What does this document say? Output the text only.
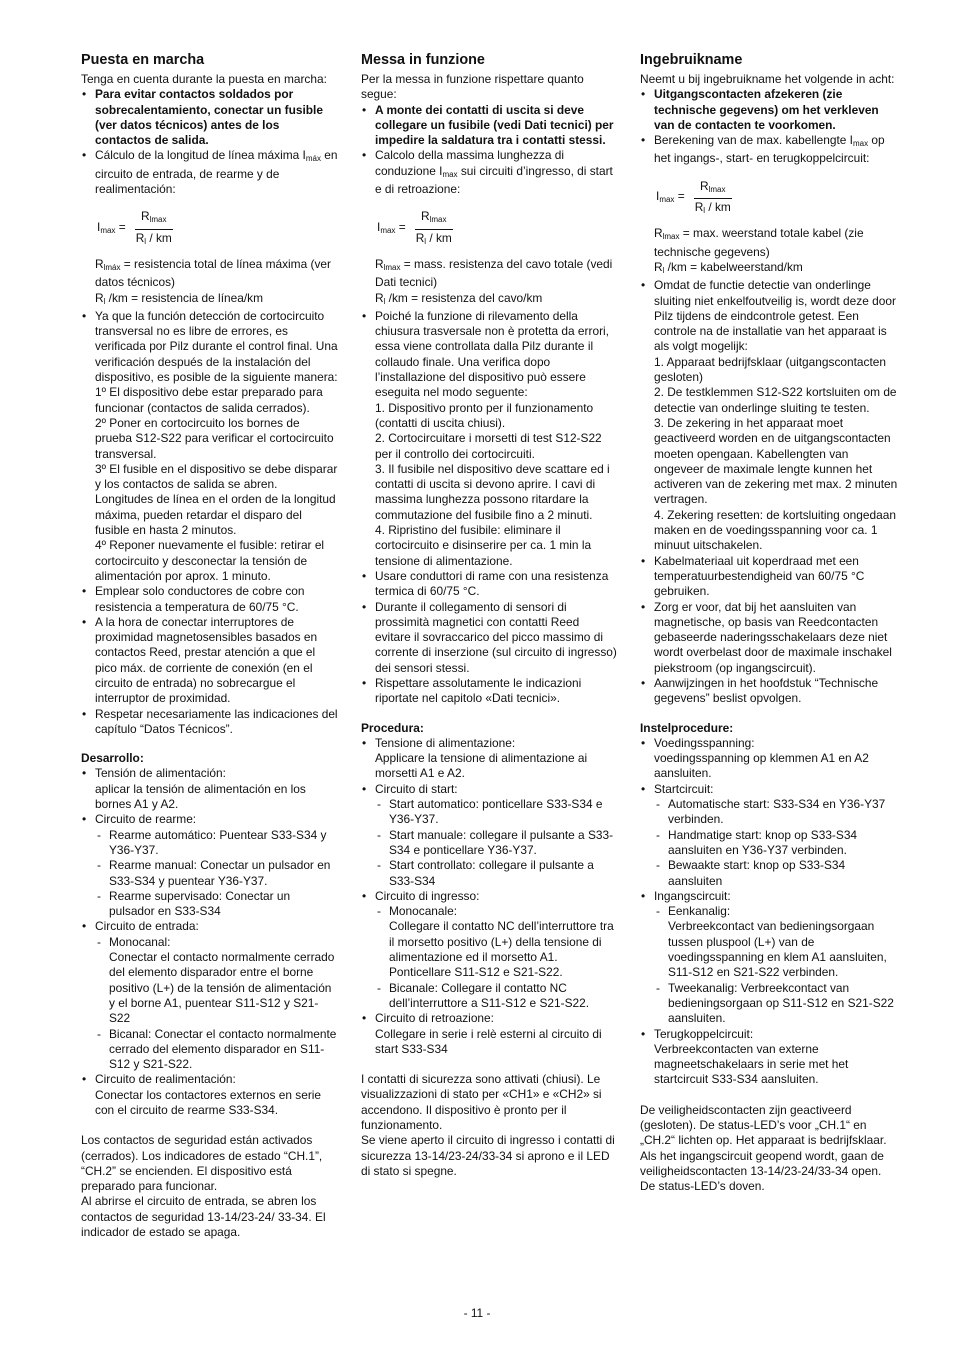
Puesta en marcha

Tenga en cuenta durante la puesta en marcha:

• Para evitar contactos soldados por sobrecalentamiento, conectar un fusible (ver datos técnicos) antes de los contactos de salida.
• Cálculo de la longitud de línea máxima $I_{máx}$ en circuito de entrada, de rearme y de realimentación:
$I_{max} = \frac{R_{lmax}}{R_l / km}$

$R_{lmáx}$ = resistencia total de línea máxima (ver datos técnicos)

$R_l$ /km = resistencia de línea/km

• Ya que la función detección de cortocircuito transversal no es libre de errores, es verificada por Pilz durante el control final. Una verificación después de la instalación del dispositivo, es posible de la siguiente manera:

1º El dispositivo debe estar preparado para funcionar (contactos de salida cerrados).

2º Poner en cortocircuito los bornes de prueba S12-S22 para verificar el cortocircuito transversal.

3º El fusible en el dispositivo se debe disparar y los contactos de salida se abren. Longitudes de línea en el orden de la longitud máxima, pueden retardar el disparo del fusible en hasta 2 minutos.

4º Reponer nuevamente el fusible: retirar el cortocircuito y desconectar la tensión de alimentación por aprox. 1 minuto.

• Emplear solo conductores de cobre con resistencia a temperatura de 60/75 °C.
• A la hora de conectar interruptores de proximidad magnetosensibles basados en contactos Reed, prestar atención a que el pico máx. de corriente de conexión (en el circuito de entrada) no sobrecargue el interruptor de proximidad.
• Respetar necesariamente las indicaciones del capítulo “Datos Técnicos”.
Desarrollo:

• Tensión de alimentación:

aplicar la tensión de alimentación en los bornes A1 y A2.

• Circuito de rearme:

- Rearme automático: Puentear S33-S34 y Y36-Y37.
- Rearme manual: Conectar un pulsador en S33-S34 y puentear Y36-Y37.
- Rearme supervisado: Conectar un pulsador en S33-S34

• Circuito de entrada:

- Monocanal:

Conectar el contacto normalmente cerrado del elemento disparador entre el borne positivo (L+) de la tensión de alimentación y el borne A1, puentear S11-S12 y S21-S22

- Bicanal: Conectar el contacto normalmente cerrado del elemento disparador en S11-S12 y S21-S22.

• Circuito de realimentación:

Conectar los contactores externos en serie con el circuito de rearme S33-S34.

Los contactos de seguridad están activados (cerrados). Los indicadores de estado “CH.1”, “CH.2” se encienden. El dispositivo está preparado para funcionar.

Al abrirse el circuito de entrada, se abren los contactos de seguridad 13-14/23-24/ 33-34. El indicador de estado se apaga.

Messa in funzione

Per la messa in funzione rispettare quanto segue:

• A monte dei contatti di uscita si deve collegare un fusibile (vedi Dati tecnici) per impedire la saldatura tra i contatti stessi.
• Calcolo della massima lunghezza di conduzione $I_{max}$ sui circuiti d’ingresso, di start e di retroazione:
$I_{max} = \frac{R_{lmax}}{R_l / km}$

$R_{lmax}$ = mass. resistenza del cavo totale (vedi Dati tecnici)

$R_l$ /km = resistenza del cavo/km

• Poiché la funzione di rilevamento della chiusura trasversale non è protetta da errori, essa viene controllata dalla Pilz durante il collaudo finale. Una verifica dopo l’installazione del dispositivo può essere eseguita nel modo seguente:

1. Dispositivo pronto per il funzionamento (contatti di uscita chiusi).

2. Cortocircuitare i morsetti di test S12-S22 per il controllo dei cortocircuiti.

3. Il fusibile nel dispositivo deve scattare ed i contatti di uscita si devono aprire. I cavi di massima lunghezza possono ritardare la commutazione del fusibile fino a 2 minuti.

4. Ripristino del fusibile: eliminare il cortocircuito e disinserire per ca. 1 min la tensione di alimentazione.

• Usare conduttori di rame con una resistenza termica di 60/75 °C.
• Durante il collegamento di sensori di prossimità magnetici con contatti Reed evitare il sovraccarico del picco massimo di corrente di inserzione (sul circuito di ingresso) dei sensori stessi.
• Rispettare assolutamente le indicazioni riportate nel capitolo «Dati tecnici».
Procedura:

• Tensione di alimentazione:

Applicare la tensione di alimentazione ai morsetti A1 e A2.

• Circuito di start:

- Start automatico: ponticellare S33-S34 e Y36-Y37.
- Start manuale: collegare il pulsante a S33-S34 e ponticellare Y36-Y37.
- Start controllato: collegare il pulsante a S33-S34

• Circuito di ingresso:

- Monocanale:

Collegare il contatto NC dell’interruttore tra il morsetto positivo (L+) della tensione di alimentazione ed il morsetto A1. Ponticellare S11-S12 e S21-S22.

- Bicanale: Collegare il contatto NC dell’interruttore a S11-S12 e S21-S22.

• Circuito di retroazione:

Collegare in serie i relè esterni al circuito di start S33-S34

I contatti di sicurezza sono attivati (chiusi). Le visualizzazioni di stato per «CH1» e «CH2» si accendono. Il dispositivo è pronto per il funzionamento.

Se viene aperto il circuito di ingresso i contatti di sicurezza 13-14/23-24/33-34 si aprono e il LED di stato si spegne.

Ingebruikname

Neemt u bij ingebruikname het volgende in acht:

• Uitgangscontacten afzekeren (zie technische gegevens) om het verkleven van de contacten te voorkomen.
• Berekening van de max. kabellengte $I_{max}$ op het ingangs-, start- en terugkoppelcircuit:
$I_{max} = \frac{R_{lmax}}{R_l / km}$

$R_{lmax} = \max$. weerstand totale kabel (zie technische gegevens)

$R_l$ /km = kabelweerstand/km

• Omdat de functie detectie van onderlinge sluiting niet enkelfoutveilig is, wordt deze door Pilz tijdens de eindcontrole getest. Een controle na de installatie van het apparaat is als volgt mogelijk:

1. Apparaat bedrijfsklaar (uitgangscontacten gesloten)

2. De testklemmen S12-S22 kortsluiten om de detectie van onderlinge sluiting te testen.

3. De zekering in het apparaat moet geactiveerd worden en de uitgangscontacten moeten opengaan. Kabellengten van ongeveer de maximale lengte kunnen het activeren van de zekering met max. 2 minuten vertragen.

4. Zekering resetten: de kortsluiting ongedaan maken en de voedingsspanning voor ca. 1 minuut uitschakelen.

• Kabelmateriaal uit koperdraad met een temperatuurbestendigheid van 60/75 °C gebruiken.
• Zorg er voor, dat bij het aansluiten van magnetische, op basis van Reedcontacten gebaseerde naderingsschakelaars deze niet wordt overbelast door de maximale inschakel piekstroom (op ingangscircuit).
• Aanwijzingen in het hoofdstuk “Technische gegevens” beslist opvolgen.
Instelprocedure:

• Voedingsspanning:

voedingsspanning op klemmen A1 en A2 aansluiten.

• Startcircuit:

- Automatische start: S33-S34 en Y36-Y37 verbinden.
- Handmatige start: knop op S33-S34 aansluiten en Y36-Y37 verbinden.
- Bewaakte start: knop op S33-S34 aansluiten

• Ingangscircuit:

- Eenkanalig:

Verbreekcontact van bedieningsorgaan tussen pluspool (L+) van de voedingsspanning en klem A1 aansluiten, S11-S12 en S21-S22 verbinden.

- Tweekanalig: Verbreekcontact van bedieningsorgaan op S11-S12 en S21-S22 aansluiten.

• Terugkoppelcircuit:

Verbreekcontacten van externe magneetschakelaars in serie met het startcircuit S33-S34 aansluiten.

De veiligheidscontacten zijn geactiveerd (gesloten). De status-LED’s voor „CH.1“ en „CH.2“ lichten op. Het apparaat is bedrijfsklaar.

Als het ingangscircuit geopend wordt, gaan de veiligheidscontacten 13-14/23-24/33-34 open. De status-LED’s doven.

- 11 -
